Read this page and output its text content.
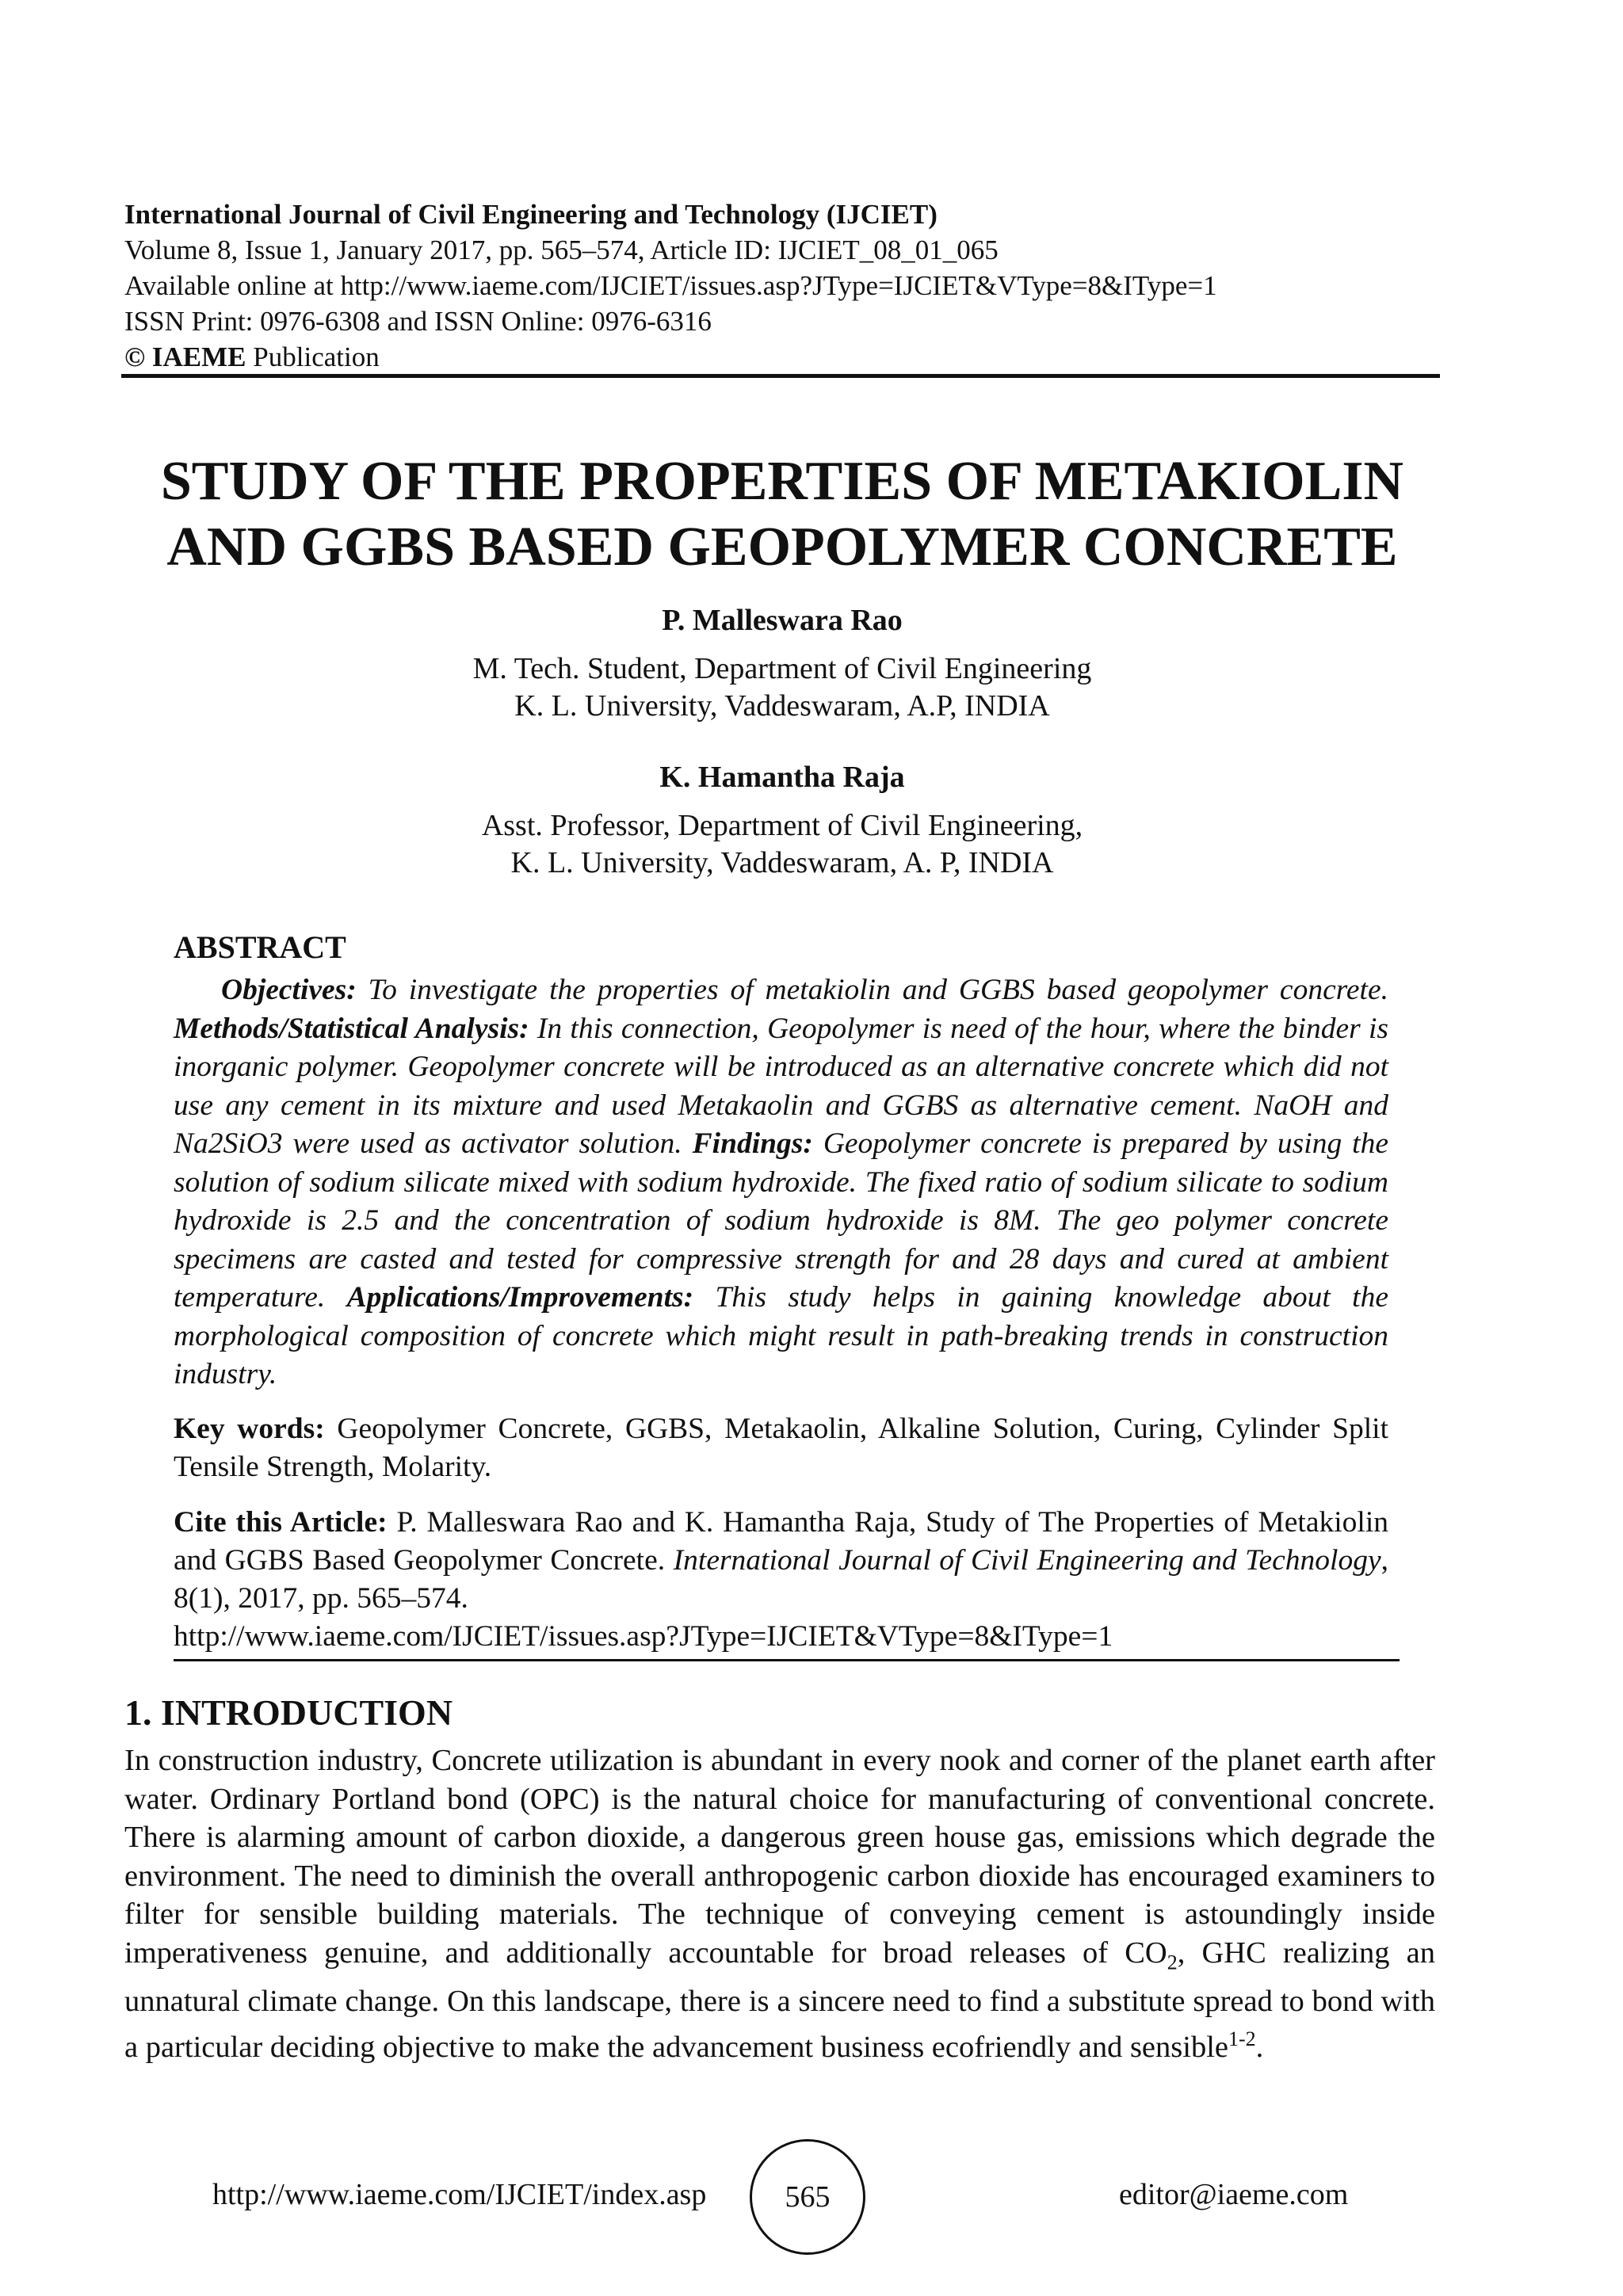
International Journal of Civil Engineering and Technology (IJCIET)
Volume 8, Issue 1, January 2017, pp. 565–574, Article ID: IJCIET_08_01_065
Available online at http://www.iaeme.com/IJCIET/issues.asp?JType=IJCIET&VType=8&IType=1
ISSN Print: 0976-6308 and ISSN Online: 0976-6316
© IAEME Publication
STUDY OF THE PROPERTIES OF METAKIOLIN
AND GGBS BASED GEOPOLYMER CONCRETE
P. Malleswara Rao
M. Tech. Student, Department of Civil Engineering
K. L. University, Vaddeswaram, A.P, INDIA
K. Hamantha Raja
Asst. Professor, Department of Civil Engineering,
K. L. University, Vaddeswaram, A. P, INDIA
ABSTRACT
Objectives: To investigate the properties of metakiolin and GGBS based geopolymer concrete. Methods/Statistical Analysis: In this connection, Geopolymer is need of the hour, where the binder is inorganic polymer. Geopolymer concrete will be introduced as an alternative concrete which did not use any cement in its mixture and used Metakaolin and GGBS as alternative cement. NaOH and Na2SiO3 were used as activator solution. Findings: Geopolymer concrete is prepared by using the solution of sodium silicate mixed with sodium hydroxide. The fixed ratio of sodium silicate to sodium hydroxide is 2.5 and the concentration of sodium hydroxide is 8M. The geo polymer concrete specimens are casted and tested for compressive strength for and 28 days and cured at ambient temperature. Applications/Improvements: This study helps in gaining knowledge about the morphological composition of concrete which might result in path-breaking trends in construction industry.
Key words: Geopolymer Concrete, GGBS, Metakaolin, Alkaline Solution, Curing, Cylinder Split Tensile Strength, Molarity.
Cite this Article: P. Malleswara Rao and K. Hamantha Raja, Study of The Properties of Metakiolin and GGBS Based Geopolymer Concrete. International Journal of Civil Engineering and Technology, 8(1), 2017, pp. 565–574.
http://www.iaeme.com/IJCIET/issues.asp?JType=IJCIET&VType=8&IType=1
1. INTRODUCTION
In construction industry, Concrete utilization is abundant in every nook and corner of the planet earth after water. Ordinary Portland bond (OPC) is the natural choice for manufacturing of conventional concrete. There is alarming amount of carbon dioxide, a dangerous green house gas, emissions which degrade the environment. The need to diminish the overall anthropogenic carbon dioxide has encouraged examiners to filter for sensible building materials. The technique of conveying cement is astoundingly inside imperativeness genuine, and additionally accountable for broad releases of $CO_2$, GHC realizing an unnatural climate change. On this landscape, there is a sincere need to find a substitute spread to bond with a particular deciding objective to make the advancement business ecofriendly and sensible$^{1-2}$.
http://www.iaeme.com/IJCIET/index.asp	565	editor@iaeme.com
